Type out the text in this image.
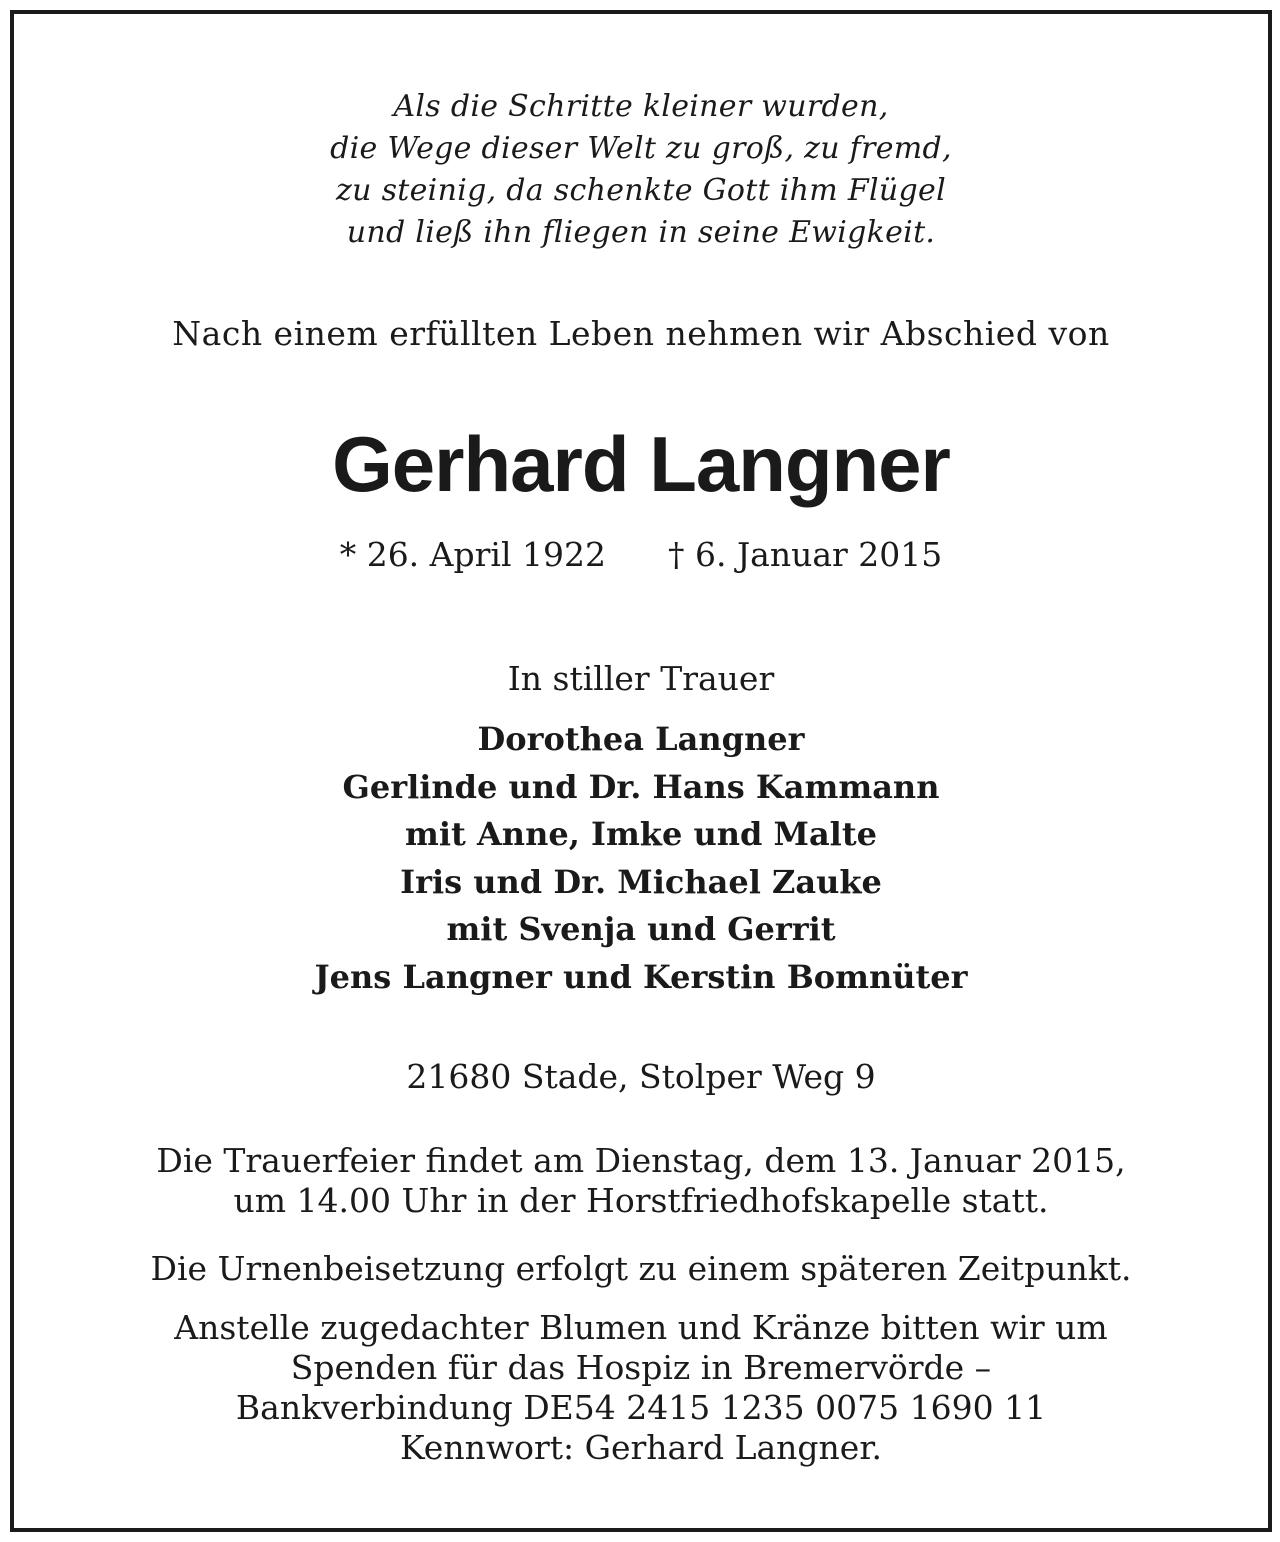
Als die Schritte kleiner wurden,
die Wege dieser Welt zu groß, zu fremd,
zu steinig, da schenkte Gott ihm Flügel
und ließ ihn fliegen in seine Ewigkeit.
Nach einem erfüllten Leben nehmen wir Abschied von
Gerhard Langner
* 26. April 1922 † 6. Januar 2015
In stiller Trauer
Dorothea Langner
Gerlinde und Dr. Hans Kammann
mit Anne, Imke und Malte
Iris und Dr. Michael Zauke
mit Svenja und Gerrit
Jens Langner und Kerstin Bomnüter
21680 Stade, Stolper Weg 9
Die Trauerfeier findet am Dienstag, dem 13. Januar 2015,
um 14.00 Uhr in der Horstfriedhofskapelle statt.
Die Urnenbeisetzung erfolgt zu einem späteren Zeitpunkt.
Anstelle zugedachter Blumen und Kränze bitten wir um
Spenden für das Hospiz in Bremervörde –
Bankverbindung DE54 2415 1235 0075 1690 11
Kennwort: Gerhard Langner.
